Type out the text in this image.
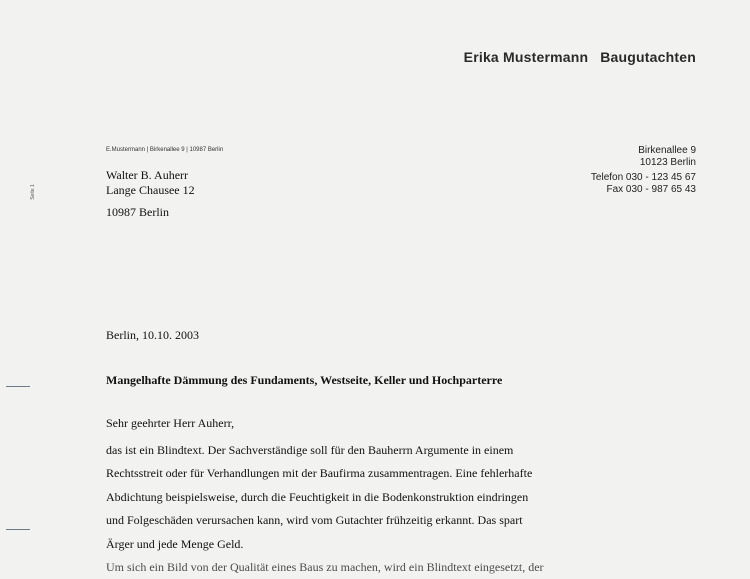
Erika Mustermann Baugutachten
E.Mustermann | Birkenallee 9 | 10987 Berlin
Seite 1
Walter B. Auherr
Lange Chausee 12
10987 Berlin
Birkenallee 9
10123 Berlin
Telefon 030 - 123 45 67
Fax 030 - 987 65 43
Berlin, 10.10. 2003
Mangelhafte Dämmung des Fundaments, Westseite, Keller und Hochparterre
Sehr geehrter Herr Auherr,
das ist ein Blindtext. Der Sachverständige soll für den Bauherrn Argumente in einem
Rechtsstreit oder für Verhandlungen mit der Baufirma zusammentragen. Eine fehlerhafte
Abdichtung beispielsweise, durch die Feuchtigkeit in die Bodenkonstruktion eindringen
und Folgeschäden verursachen kann, wird vom Gutachter frühzeitig erkannt. Das spart
Ärger und jede Menge Geld.
Um sich ein Bild von der Qualität eines Baus zu machen, wird ein Blindtext eingesetzt, der
